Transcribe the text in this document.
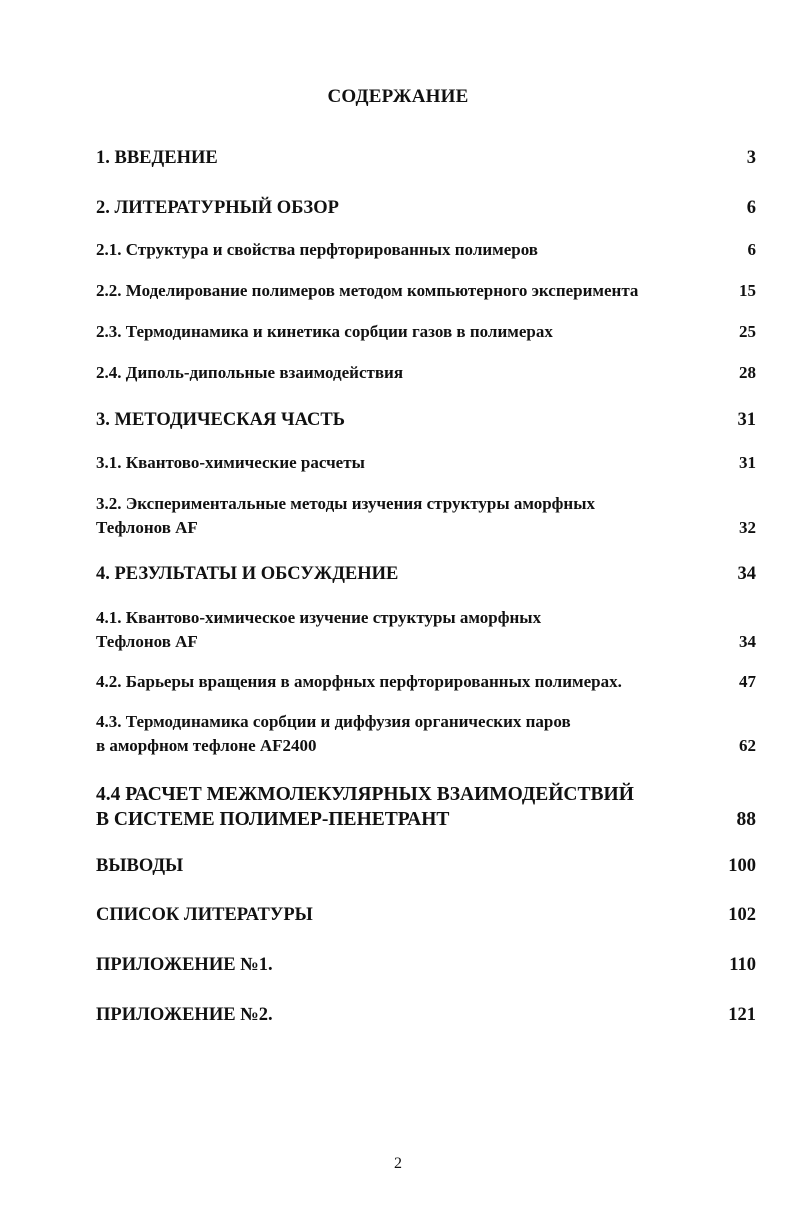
СОДЕРЖАНИЕ
1. ВВЕДЕНИЕ	3
2. ЛИТЕРАТУРНЫЙ ОБЗОР	6
2.1. Структура и свойства перфторированных полимеров	6
2.2. Моделирование полимеров методом компьютерного эксперимента	15
2.3. Термодинамика и кинетика сорбции газов в полимерах	25
2.4. Диполь-дипольные взаимодействия	28
3. МЕТОДИЧЕСКАЯ ЧАСТЬ	31
3.1. Квантово-химические расчеты	31
3.2. Экспериментальные методы изучения структуры аморфных
Тефлонов AF	32
4. РЕЗУЛЬТАТЫ И ОБСУЖДЕНИЕ	34
4.1. Квантово-химическое изучение структуры аморфных
Тефлонов AF	34
4.2. Барьеры вращения в аморфных перфторированных полимерах.	47
4.3. Термодинамика сорбции и диффузия органических паров
в аморфном тефлоне AF2400	62
4.4 РАСЧЕТ МЕЖМОЛЕКУЛЯРНЫХ ВЗАИМОДЕЙСТВИЙ
В СИСТЕМЕ ПОЛИМЕР-ПЕНЕТРАНТ	88
ВЫВОДЫ	100
СПИСОК ЛИТЕРАТУРЫ	102
ПРИЛОЖЕНИЕ №1.	110
ПРИЛОЖЕНИЕ №2.	121
2
